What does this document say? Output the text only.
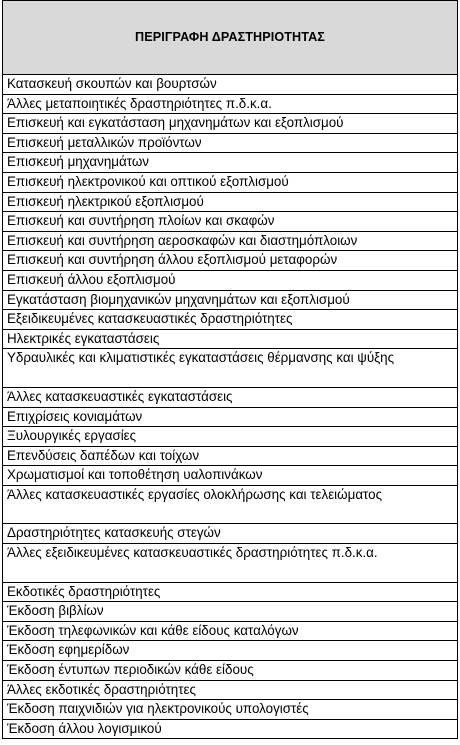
ΠΕΡΙΓΡΑΦΗ ΔΡΑΣΤΗΡΙΟΤΗΤΑΣ
Κατασκευή σκουπών και βουρτσών
Άλλες μεταποιητικές δραστηριότητες π.δ.κ.α.
Επισκευή και εγκατάσταση μηχανημάτων και εξοπλισμού
Επισκευή μεταλλικών προϊόντων
Επισκευή μηχανημάτων
Επισκευή ηλεκτρονικού και οπτικού εξοπλισμού
Επισκευή ηλεκτρικού εξοπλισμού
Επισκευή και συντήρηση πλοίων και σκαφών
Επισκευή και συντήρηση αεροσκαφών και διαστημόπλοιων
Επισκευή και συντήρηση άλλου εξοπλισμού μεταφορών
Επισκευή άλλου εξοπλισμού
Εγκατάσταση βιομηχανικών μηχανημάτων και εξοπλισμού
Εξειδικευμένες κατασκευαστικές δραστηριότητες
Ηλεκτρικές εγκαταστάσεις
Υδραυλικές και κλιματιστικές εγκαταστάσεις θέρμανσης και ψύξης
Άλλες κατασκευαστικές εγκαταστάσεις
Επιχρίσεις κονιαμάτων
Ξυλουργικές εργασίες
Επενδύσεις δαπέδων και τοίχων
Χρωματισμοί και τοποθέτηση υαλοπινάκων
Άλλες κατασκευαστικές εργασίες ολοκλήρωσης και τελειώματος
Δραστηριότητες κατασκευής στεγών
Άλλες εξειδικευμένες κατασκευαστικές δραστηριότητες π.δ.κ.α.
Εκδοτικές δραστηριότητες
Έκδοση βιβλίων
Έκδοση τηλεφωνικών και κάθε είδους καταλόγων
Έκδοση εφημερίδων
Έκδοση έντυπων περιοδικών κάθε είδους
Άλλες εκδοτικές δραστηριότητες
Έκδοση παιχνιδιών για ηλεκτρονικούς υπολογιστές
Έκδοση άλλου λογισμικού
